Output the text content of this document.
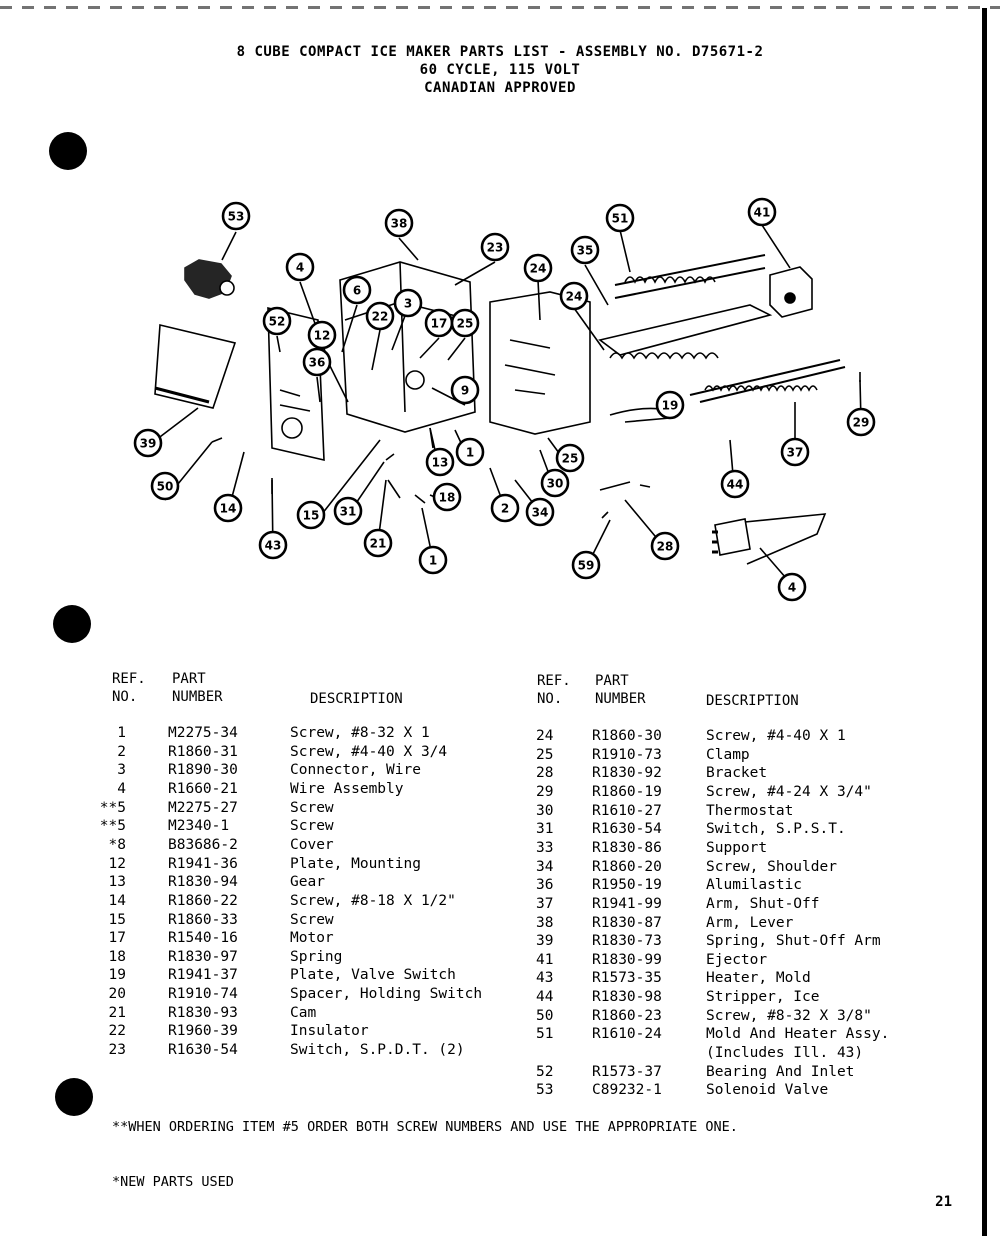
8 CUBE COMPACT ICE MAKER PARTS LIST - ASSEMBLY NO. D75671-2
60 CYCLE, 115 VOLT
CANADIAN APPROVED
53	38
23
4
6
3
24
35
51	41
52
12
22	17 25
24
36
9
19
29
39
50
14
13
1	25	37
44
43
15 31
21
18
2 34
30
1
28
59
4
REF. NO.
PART NUMBER	DESCRIPTION
REF. NO.
PART NUMBER	DESCRIPTION
1	M2275-34	Screw, #8-32 X 1
2	R1860-31	Screw, #4-40 X 3/4
3	R1890-30	Connector, Wire
4	R1660-21	Wire Assembly
**5	M2275-27	Screw
**5	M2340-1	Screw
*8	B83686-2	Cover
12	R1941-36	Plate, Mounting
13	R1830-94	Gear
14	R1860-22	Screw, #8-18 X 1/2"
15	R1860-33	Screw
17	R1540-16	Motor
18	R1830-97	Spring
19	R1941-37	Plate, Valve Switch
20	R1910-74	Spacer, Holding Switch
21	R1830-93	Cam
22	R1960-39	Insulator
23	R1630-54	Switch, S.P.D.T. (2)
24	R1860-30	Screw, #4-40 X 1
25	R1910-73	Clamp
28	R1830-92	Bracket
29	R1860-19	Screw, #4-24 X 3/4"
30	R1610-27	Thermostat
31	R1630-54	Switch, S.P.S.T.
33	R1830-86	Support
34	R1860-20	Screw, Shoulder
36	R1950-19	Alumilastic
37	R1941-99	Arm, Shut-Off
38	R1830-87	Arm, Lever
39	R1830-73	Spring, Shut-Off Arm
41	R1830-99	Ejector
43	R1573-35	Heater, Mold
44	R1830-98	Stripper, Ice
50	R1860-23	Screw, #8-32 X 3/8"
51	R1610-24	Mold And Heater Assy.
(Includes Ill. 43)
52	R1573-37	Bearing And Inlet
53	C89232-1	Solenoid Valve
**WHEN ORDERING ITEM #5 ORDER BOTH SCREW NUMBERS AND USE THE APPROPRIATE ONE.
*NEW PARTS USED
21
